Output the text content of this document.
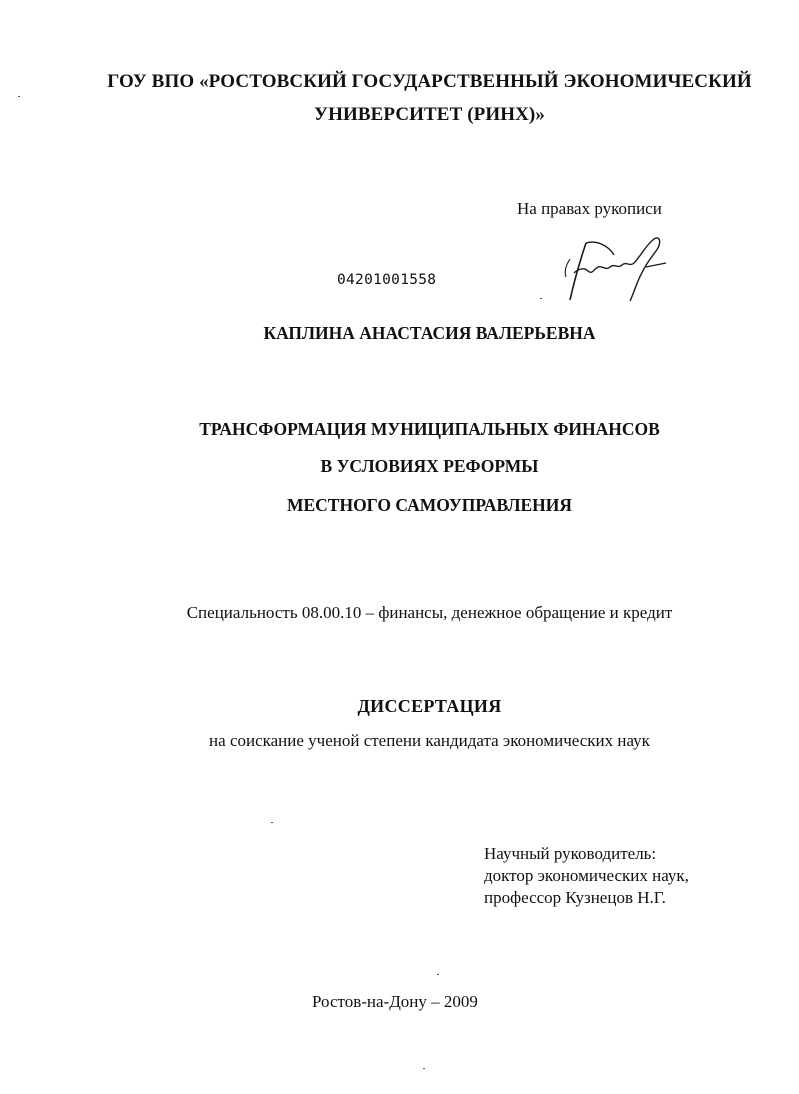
ГОУ ВПО «РОСТОВСКИЙ ГОСУДАРСТВЕННЫЙ ЭКОНОМИЧЕСКИЙ
УНИВЕРСИТЕТ (РИНХ)»
На правах рукописи
04201001558
КАПЛИНА АНАСТАСИЯ ВАЛЕРЬЕВНА
ТРАНСФОРМАЦИЯ МУНИЦИПАЛЬНЫХ ФИНАНСОВ
В УСЛОВИЯХ РЕФОРМЫ
МЕСТНОГО САМОУПРАВЛЕНИЯ
Специальность 08.00.10 – финансы, денежное обращение и кредит
ДИССЕРТАЦИЯ
на соискание ученой степени кандидата экономических наук
Научный руководитель:
доктор экономических наук,
профессор Кузнецов Н.Г.
Ростов-на-Дону – 2009
